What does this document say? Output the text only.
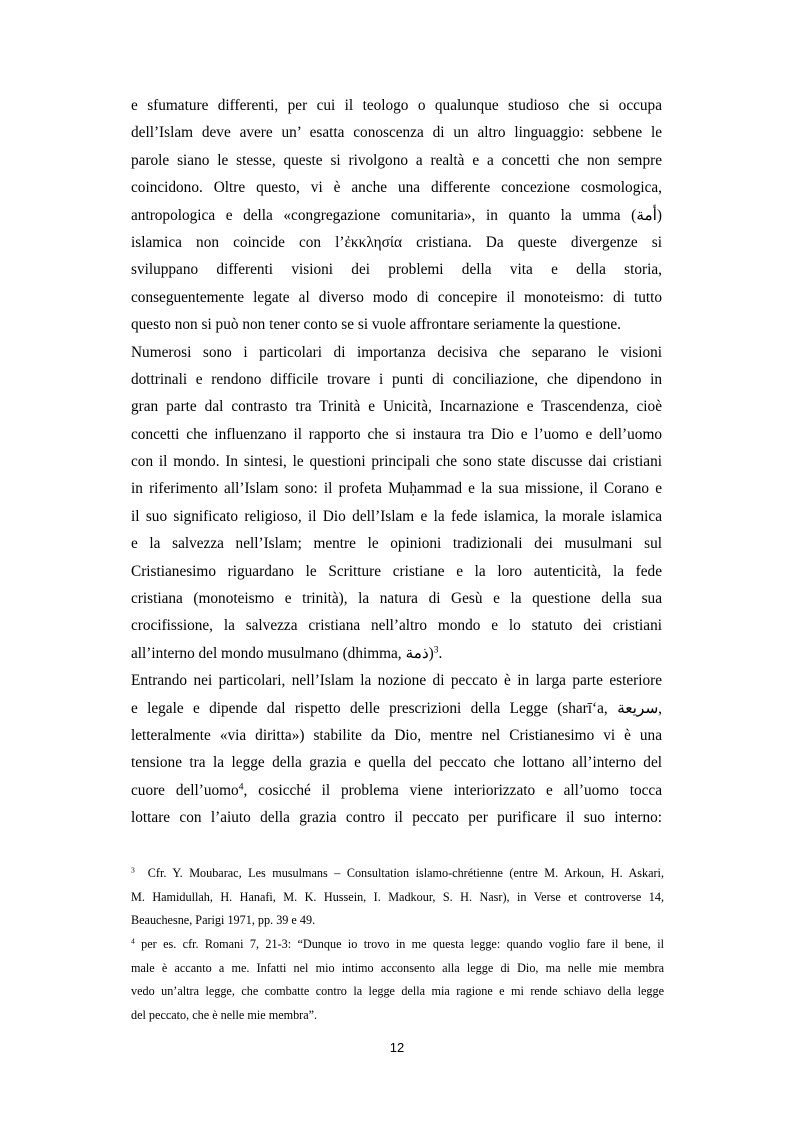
e sfumature differenti, per cui il teologo o qualunque studioso che si occupa
dell’Islam deve avere un’ esatta conoscenza di un altro linguaggio: sebbene le
parole siano le stesse, queste si rivolgono a realtà e a concetti che non sempre
coincidono. Oltre questo, vi è anche una differente concezione cosmologica,
antropologica e della «congregazione comunitaria», in quanto la umma (أمة)
islamica non coincide con l’ἐκκλησία cristiana. Da queste divergenze si
sviluppano differenti visioni dei problemi della vita e della storia,
conseguentemente legate al diverso modo di concepire il monoteismo: di tutto
questo non si può non tener conto se si vuole affrontare seriamente la questione.
Numerosi sono i particolari di importanza decisiva che separano le visioni
dottrinali e rendono difficile trovare i punti di conciliazione, che dipendono in
gran parte dal contrasto tra Trinità e Unicità, Incarnazione e Trascendenza, cioè
concetti che influenzano il rapporto che si instaura tra Dio e l’uomo e dell’uomo
con il mondo. In sintesi, le questioni principali che sono state discusse dai cristiani
in riferimento all’Islam sono: il profeta Muḥammad e la sua missione, il Corano e
il suo significato religioso, il Dio dell’Islam e la fede islamica, la morale islamica
e la salvezza nell’Islam; mentre le opinioni tradizionali dei musulmani sul
Cristianesimo riguardano le Scritture cristiane e la loro autenticità, la fede
cristiana (monoteismo e trinità), la natura di Gesù e la questione della sua
crocifissione, la salvezza cristiana nell’altro mondo e lo statuto dei cristiani
all’interno del mondo musulmano (dhimma, ذمة)$^3$.
Entrando nei particolari, nell’Islam la nozione di peccato è in larga parte esteriore
e legale e dipende dal rispetto delle prescrizioni della Legge (sharī‘a, سريعة,
letteralmente «via diritta») stabilite da Dio, mentre nel Cristianesimo vi è una
tensione tra la legge della grazia e quella del peccato che lottano all’interno del
cuore dell’uomo$^4$, cosicché il problema viene interiorizzato e all’uomo tocca
lottare con l’aiuto della grazia contro il peccato per purificare il suo interno:
$^3$ Cfr. Y. Moubarac, Les musulmans – Consultation islamo-chrétienne (entre M. Arkoun, H. Askari,
M. Hamidullah, H. Hanafi, M. K. Hussein, I. Madkour, S. H. Nasr), in Verse et controverse 14,
Beauchesne, Parigi 1971, pp. 39 e 49.
$^4$ per es. cfr. Romani 7, 21-3: “Dunque io trovo in me questa legge: quando voglio fare il bene, il
male è accanto a me. Infatti nel mio intimo acconsento alla legge di Dio, ma nelle mie membra
vedo un’altra legge, che combatte contro la legge della mia ragione e mi rende schiavo della legge
del peccato, che è nelle mie membra”.
12
